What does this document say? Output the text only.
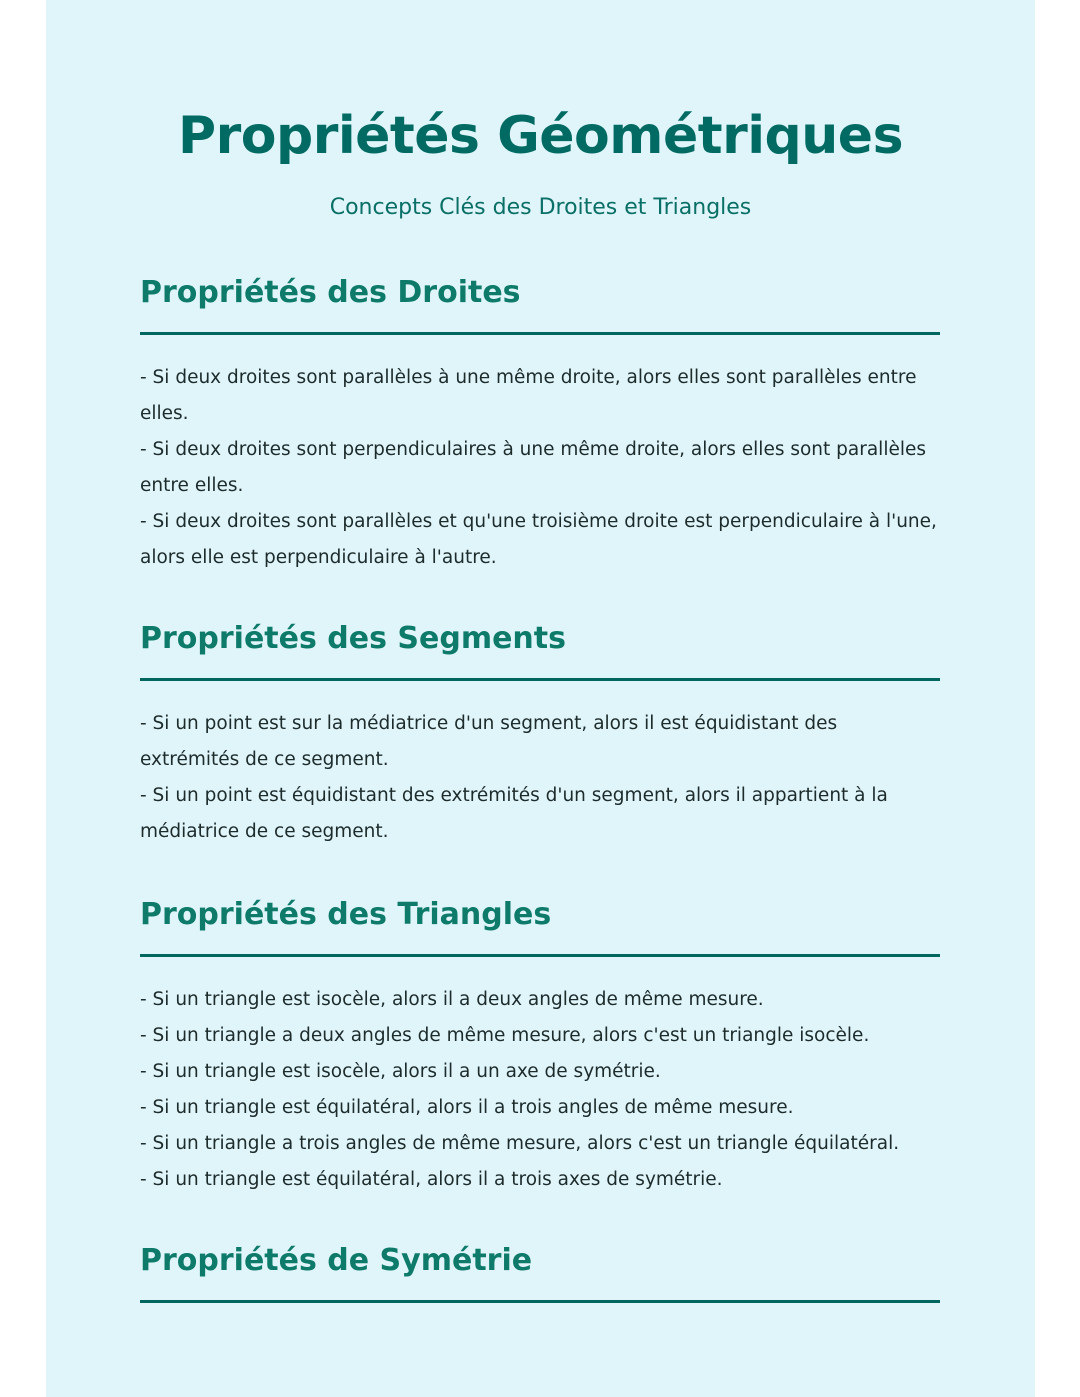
Propriétés Géométriques

Concepts Clés des Droites et Triangles

Propriétés des Droites
- Si deux droites sont parallèles à une même droite, alors elles sont parallèles entre elles.
- Si deux droites sont perpendiculaires à une même droite, alors elles sont parallèles entre elles.
- Si deux droites sont parallèles et qu'une troisième droite est perpendiculaire à l'une, alors elle est perpendiculaire à l'autre.
Propriétés des Segments
- Si un point est sur la médiatrice d'un segment, alors il est équidistant des extrémités de ce segment.
- Si un point est équidistant des extrémités d'un segment, alors il appartient à la médiatrice de ce segment.
Propriétés des Triangles
- Si un triangle est isocèle, alors il a deux angles de même mesure.
- Si un triangle a deux angles de même mesure, alors c'est un triangle isocèle.
- Si un triangle est isocèle, alors il a un axe de symétrie.
- Si un triangle est équilatéral, alors il a trois angles de même mesure.
- Si un triangle a trois angles de même mesure, alors c'est un triangle équilatéral.
- Si un triangle est équilatéral, alors il a trois axes de symétrie.
Propriétés de Symétrie
